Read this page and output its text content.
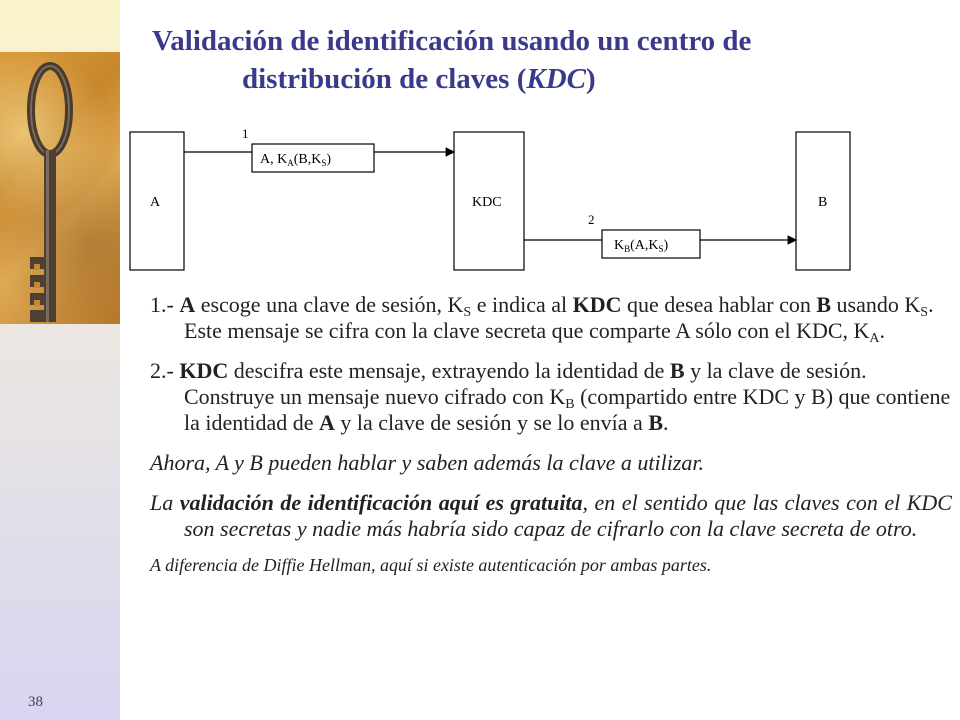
38
Validación de identificación usando un centro de
distribución de claves (KDC)
A	KDC	B
1
A, $K_A(B,K_S)$
2
$K_B(A,K_S)$

1.- A escoge una clave de sesión, $K_S$ e indica al KDC que desea hablar con B usando $K_S$. Este mensaje se cifra con la clave secreta que comparte A sólo con el KDC, $K_A$.

2.- KDC descifra este mensaje, extrayendo la identidad de B y la clave de sesión. Construye un mensaje nuevo cifrado con $K_B$ (compartido entre KDC y B) que contiene la identidad de A y la clave de sesión y se lo envía a B.

Ahora, A y B pueden hablar y saben además la clave a utilizar.

La validación de identificación aquí es gratuita, en el sentido que las claves con el KDC son secretas y nadie más habría sido capaz de cifrarlo con la clave secreta de otro.

A diferencia de Diffie Hellman, aquí si existe autenticación por ambas partes.
